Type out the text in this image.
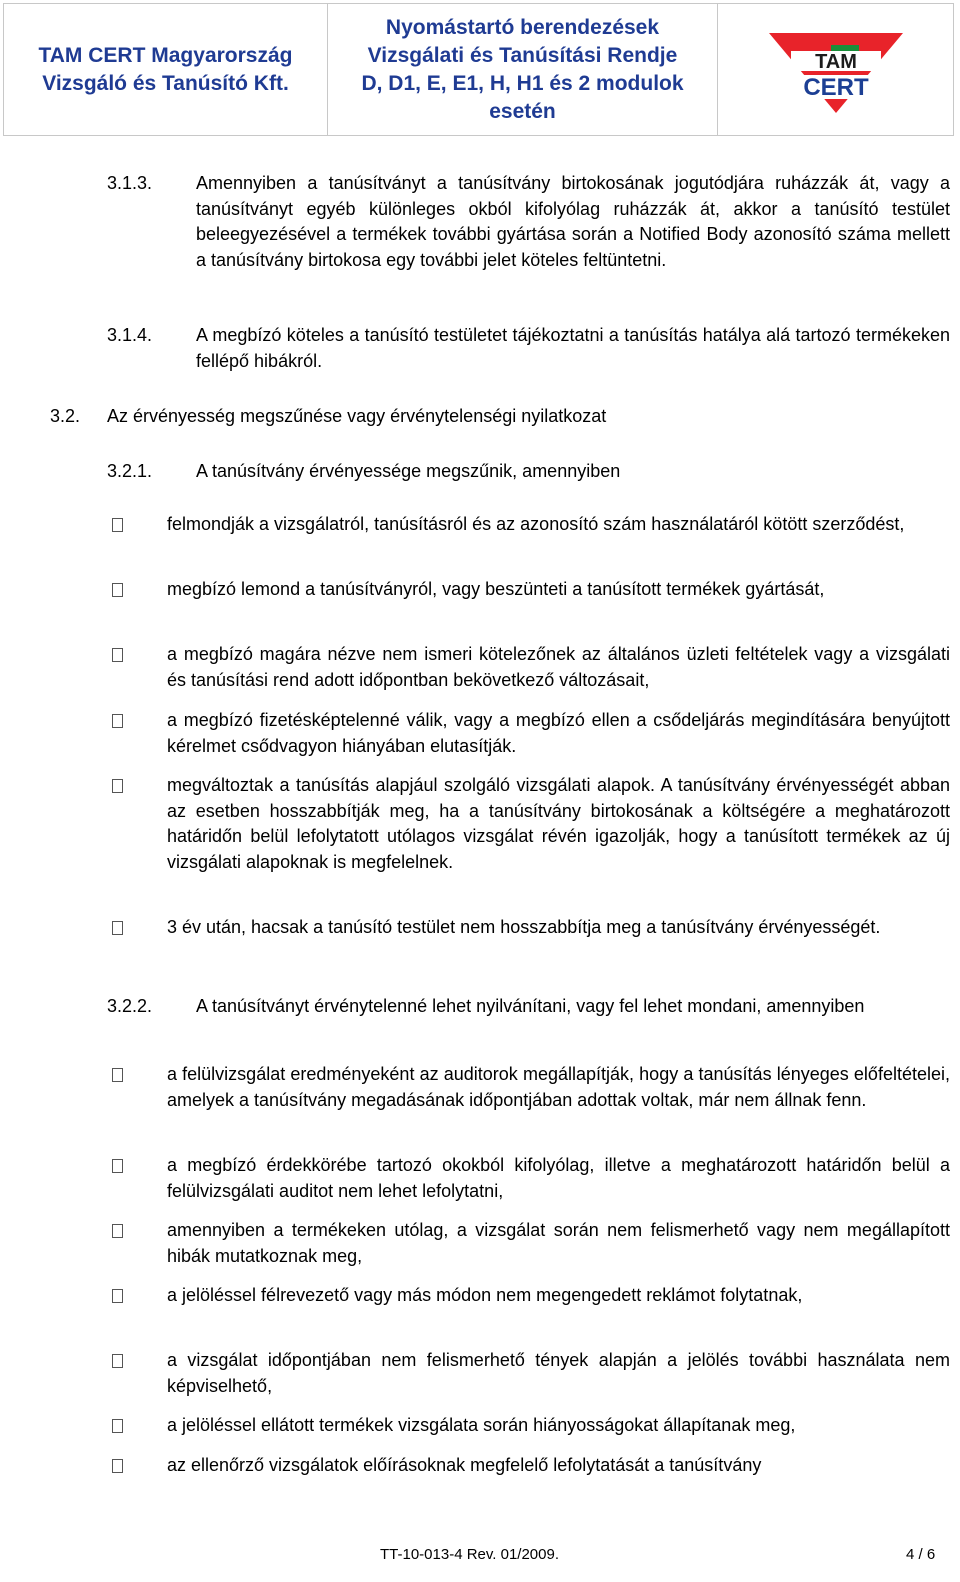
TAM CERT Magyarország
Vizsgáló és Tanúsító Kft.
Nyomástartó berendezések
Vizsgálati és Tanúsítási Rendje
D, D1, E, E1, H, H1 és 2 modulok
esetén
TAM
CERT
3.1.3. Amennyiben a tanúsítványt a tanúsítvány birtokosának jogutódjára ruházzák át, vagy a tanúsítványt egyéb különleges okból kifolyólag ruházzák át, akkor a tanúsító testület beleegyezésével a termékek további gyártása során a Notified Body azonosító száma mellett a tanúsítvány birtokosa egy további jelet köteles feltüntetni.
3.1.4. A megbízó köteles a tanúsító testületet tájékoztatni a tanúsítás hatálya alá tartozó termékeken fellépő hibákról.
3.2. Az érvényesség megszűnése vagy érvénytelenségi nyilatkozat
3.2.1. A tanúsítvány érvényessége megszűnik, amennyiben
felmondják a vizsgálatról, tanúsításról és az azonosító szám használatáról kötött szerződést,
megbízó lemond a tanúsítványról, vagy beszünteti a tanúsított termékek gyártását,
a megbízó magára nézve nem ismeri kötelezőnek az általános üzleti feltételek vagy a vizsgálati és tanúsítási rend adott időpontban bekövetkező változásait,
a megbízó fizetésképtelenné válik, vagy a megbízó ellen a csődeljárás megindítására benyújtott kérelmet csődvagyon hiányában elutasítják.
megváltoztak a tanúsítás alapjául szolgáló vizsgálati alapok. A tanúsítvány érvényességét abban az esetben hosszabbítják meg, ha a tanúsítvány birtokosának a költségére a meghatározott határidőn belül lefolytatott utólagos vizsgálat révén igazolják, hogy a tanúsított termékek az új vizsgálati alapoknak is megfelelnek.
3 év után, hacsak a tanúsító testület nem hosszabbítja meg a tanúsítvány érvényességét.
3.2.2. A tanúsítványt érvénytelenné lehet nyilvánítani, vagy fel lehet mondani, amennyiben
a felülvizsgálat eredményeként az auditorok megállapítják, hogy a tanúsítás lényeges előfeltételei, amelyek a tanúsítvány megadásának időpontjában adottak voltak, már nem állnak fenn.
a megbízó érdekkörébe tartozó okokból kifolyólag, illetve a meghatározott határidőn belül a felülvizsgálati auditot nem lehet lefolytatni,
amennyiben a termékeken utólag, a vizsgálat során nem felismerhető vagy nem megállapított hibák mutatkoznak meg,
a jelöléssel félrevezető vagy más módon nem megengedett reklámot folytatnak,
a vizsgálat időpontjában nem felismerhető tények alapján a jelölés további használata nem képviselhető,
a jelöléssel ellátott termékek vizsgálata során hiányosságokat állapítanak meg,
az ellenőrző vizsgálatok előírásoknak megfelelő lefolytatását a tanúsítvány
TT-10-013-4 Rev. 01/2009.	4 / 6
